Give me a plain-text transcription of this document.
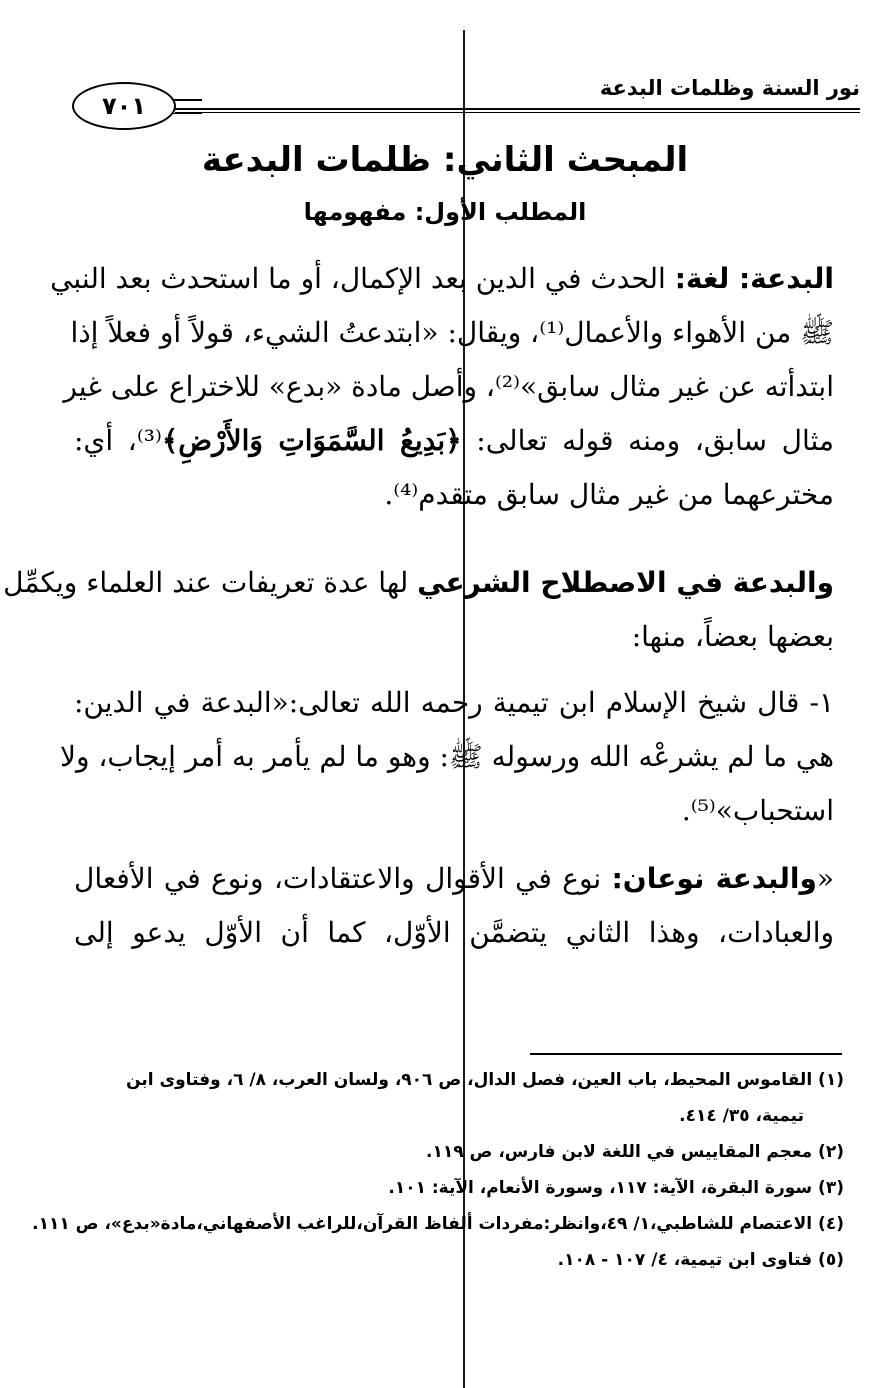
نور السنة وظلمات البدعة
٧٠١
المبحث الثاني: ظلمات البدعة
المطلب الأول: مفهومها
البدعة: لغة: الحدث في الدين بعد الإكمال، أو ما استحدث بعد النبي
ﷺ من الأهواء والأعمال⁽¹⁾، ويقال: «ابتدعتُ الشيء، قولاً أو فعلاً إذا
ابتدأته عن غير مثال سابق»⁽²⁾، وأصل مادة «بدع» للاختراع على غير
مثال سابق، ومنه قوله تعالى: ﴿بَدِيعُ السَّمَوَاتِ وَالأَرْضِ﴾⁽³⁾، أي:
مخترعهما من غير مثال سابق متقدم⁽⁴⁾.
والبدعة في الاصطلاح الشرعي لها عدة تعريفات عند العلماء ويكمِّل
بعضها بعضاً، منها:
١- قال شيخ الإسلام ابن تيمية رحمه الله تعالى:«البدعة في الدين:
هي ما لم يشرعْه الله ورسوله ﷺ: وهو ما لم يأمر به أمر إيجاب، ولا
استحباب»⁽⁵⁾.
«والبدعة نوعان: نوع في الأقوال والاعتقادات، ونوع في الأفعال
والعبادات، وهذا الثاني يتضمَّن الأوّل، كما أن الأوّل يدعو إلى
(١) القاموس المحيط، باب العين، فصل الدال، ص ٩٠٦، ولسان العرب، ٨/ ٦، وفتاوى ابن
تيمية، ٣٥/ ٤١٤.
(٢) معجم المقاييس في اللغة لابن فارس، ص ١١٩.
(٣) سورة البقرة، الآية: ١١٧، وسورة الأنعام، الآية: ١٠١.
(٤) الاعتصام للشاطبي،١/ ٤٩،وانظر:مفردات ألفاظ القرآن،للراغب الأصفهاني،مادة«بدع»، ص ١١١.
(٥) فتاوى ابن تيمية، ٤/ ١٠٧ - ١٠٨.
